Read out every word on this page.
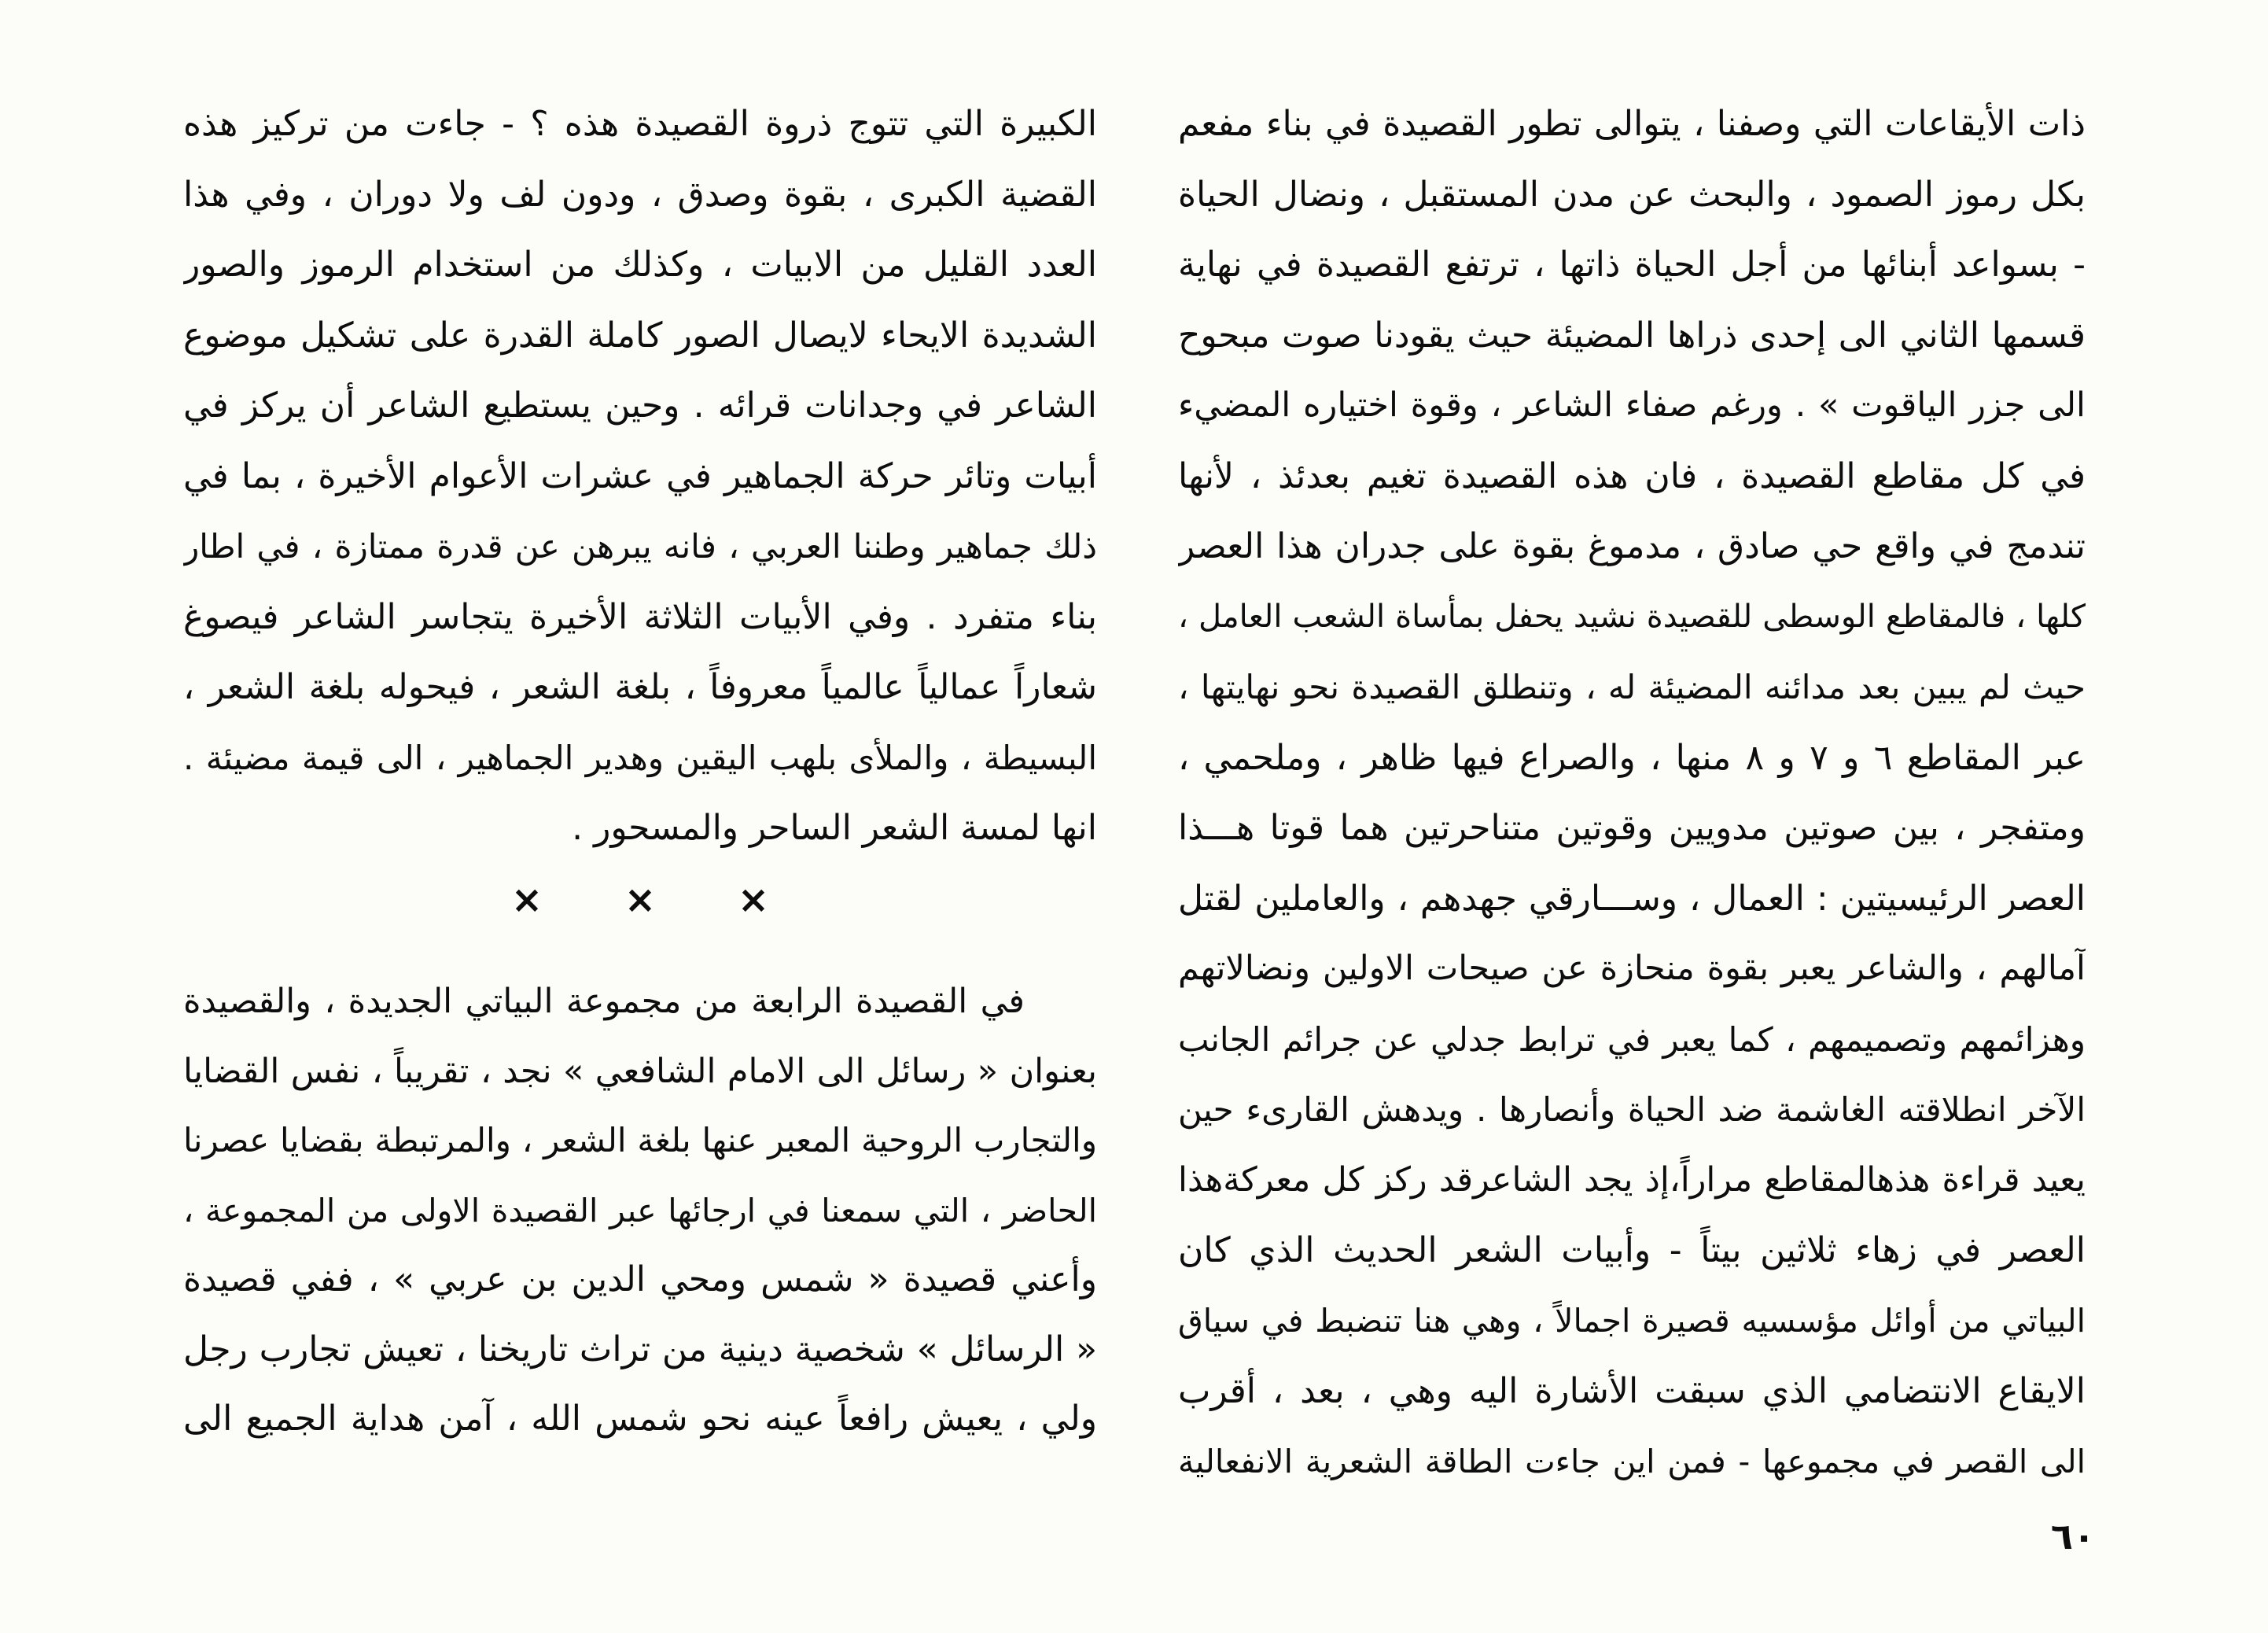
ذات الأيقاعات التي وصفنا ، يتوالى تطور القصيدة في بناء مفعم
بكل رموز الصمود ، والبحث عن مدن المستقبل ، ونضال الحياة
- بسواعد أبنائها من أجل الحياة ذاتها ، ترتفع القصيدة في نهاية
قسمها الثاني الى إحدى ذراها المضيئة حيث يقودنا صوت مبحوح
الى جزر الياقوت » . ورغم صفاء الشاعر ، وقوة اختياره المضيء
في كل مقاطع القصيدة ، فان هذه القصيدة تغيم بعدئذ ، لأنها
تندمج في واقع حي صادق ، مدموغ بقوة على جدران هذا العصر
كلها ، فالمقاطع الوسطى للقصيدة نشيد يحفل بمأساة الشعب العامل ،
حيث لم يبين بعد مدائنه المضيئة له ، وتنطلق القصيدة نحو نهايتها ،
عبر المقاطع ٦ و ٧ و ٨ منها ، والصراع فيها ظاهر ، وملحمي ،
ومتفجر ، بين صوتين مدويين وقوتين متناحرتين هما قوتا هـــذا
العصر الرئيسيتين : العمال ، وســـارقي جهدهم ، والعاملين لقتل
آمالهم ، والشاعر يعبر بقوة منحازة عن صيحات الاولين ونضالاتهم
وهزائمهم وتصميمهم ، كما يعبر في ترابط جدلي عن جرائم الجانب
الآخر انطلاقته الغاشمة ضد الحياة وأنصارها . ويدهش القارىء حين
يعيد قراءة هذهالمقاطع مراراً،إذ يجد الشاعرقد ركز كل معركةهذا
العصر في زهاء ثلاثين بيتاً - وأبيات الشعر الحديث الذي كان
البياتي من أوائل مؤسسيه قصيرة اجمالاً ، وهي هنا تنضبط في سياق
الايقاع الانتضامي الذي سبقت الأشارة اليه وهي ، بعد ، أقرب
الى القصر في مجموعها - فمن اين جاءت الطاقة الشعرية الانفعالية
الكبيرة التي تتوج ذروة القصيدة هذه ؟ - جاءت من تركيز هذه
القضية الكبرى ، بقوة وصدق ، ودون لف ولا دوران ، وفي هذا
العدد القليل من الابيات ، وكذلك من استخدام الرموز والصور
الشديدة الايحاء لايصال الصور كاملة القدرة على تشكيل موضوع
الشاعر في وجدانات قرائه . وحين يستطيع الشاعر أن يركز في
أبيات وتائر حركة الجماهير في عشرات الأعوام الأخيرة ، بما في
ذلك جماهير وطننا العربي ، فانه يبرهن عن قدرة ممتازة ، في اطار
بناء متفرد . وفي الأبيات الثلاثة الأخيرة يتجاسر الشاعر فيصوغ
شعاراً عمالياً عالمياً معروفاً ، بلغة الشعر ، فيحوله بلغة الشعر ،
البسيطة ، والملأى بلهب اليقين وهدير الجماهير ، الى قيمة مضيئة .
انها لمسة الشعر الساحر والمسحور .
× × ×
في القصيدة الرابعة من مجموعة البياتي الجديدة ، والقصيدة
بعنوان « رسائل الى الامام الشافعي » نجد ، تقريباً ، نفس القضايا
والتجارب الروحية المعبر عنها بلغة الشعر ، والمرتبطة بقضايا عصرنا
الحاضر ، التي سمعنا في ارجائها عبر القصيدة الاولى من المجموعة ،
وأعني قصيدة « شمس ومحي الدين بن عربي » ، ففي قصيدة
« الرسائل » شخصية دينية من تراث تاريخنا ، تعيش تجارب رجل
ولي ، يعيش رافعاً عينه نحو شمس الله ، آمن هداية الجميع الى
٦٠
